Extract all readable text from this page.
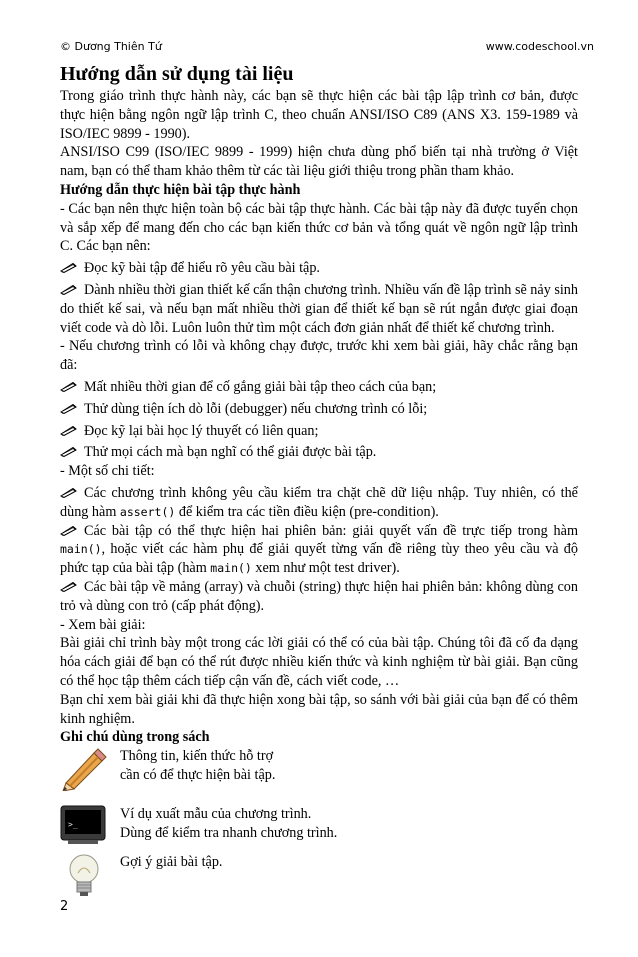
© Dương Thiên Tứ	www.codeschool.vn

Hướng dẫn sử dụng tài liệu

Trong giáo trình thực hành này, các bạn sẽ thực hiện các bài tập lập trình cơ bản, được thực hiện bằng ngôn ngữ lập trình C, theo chuẩn ANSI/ISO C89 (ANS X3. 159-1989 và ISO/IEC 9899 - 1990).

ANSI/ISO C99 (ISO/IEC 9899 - 1999) hiện chưa dùng phổ biến tại nhà trường ở Việt nam, bạn có thể tham khảo thêm từ các tài liệu giới thiệu trong phần tham khảo.

Hướng dẫn thực hiện bài tập thực hành

- Các bạn nên thực hiện toàn bộ các bài tập thực hành. Các bài tập này đã được tuyển chọn và sắp xếp để mang đến cho các bạn kiến thức cơ bản và tổng quát về ngôn ngữ lập trình C. Các bạn nên:

Đọc kỹ bài tập để hiểu rõ yêu cầu bài tập.

Dành nhiều thời gian thiết kế cẩn thận chương trình. Nhiều vấn đề lập trình sẽ nảy sinh do thiết kế sai, và nếu bạn mất nhiều thời gian để thiết kế bạn sẽ rút ngắn được giai đoạn viết code và dò lỗi. Luôn luôn thử tìm một cách đơn giản nhất để thiết kế chương trình.

- Nếu chương trình có lỗi và không chạy được, trước khi xem bài giải, hãy chắc rằng bạn đã:

Mất nhiều thời gian để cố gắng giải bài tập theo cách của bạn;

Thử dùng tiện ích dò lỗi (debugger) nếu chương trình có lỗi;

Đọc kỹ lại bài học lý thuyết có liên quan;

Thử mọi cách mà bạn nghĩ có thể giải được bài tập.

- Một số chi tiết:

Các chương trình không yêu cầu kiểm tra chặt chẽ dữ liệu nhập. Tuy nhiên, có thể dùng hàm assert() để kiểm tra các tiền điều kiện (pre-condition).

Các bài tập có thể thực hiện hai phiên bản: giải quyết vấn đề trực tiếp trong hàm main(), hoặc viết các hàm phụ để giải quyết từng vấn đề riêng tùy theo yêu cầu và độ phức tạp của bài tập (hàm main() xem như một test driver).

Các bài tập về mảng (array) và chuỗi (string) thực hiện hai phiên bản: không dùng con trỏ và dùng con trỏ (cấp phát động).

- Xem bài giải:

Bài giải chỉ trình bày một trong các lời giải có thể có của bài tập. Chúng tôi đã cố đa dạng hóa cách giải để bạn có thể rút được nhiều kiến thức và kinh nghiệm từ bài giải. Bạn cũng có thể học tập thêm cách tiếp cận vấn đề, cách viết code, …

Bạn chỉ xem bài giải khi đã thực hiện xong bài tập, so sánh với bài giải của bạn để có thêm kinh nghiệm.

Ghi chú dùng trong sách

Thông tin, kiến thức hỗ trợ
cần có để thực hiện bài tập.
>_
Ví dụ xuất mẫu của chương trình.
Dùng để kiểm tra nhanh chương trình.
Gợi ý giải bài tập.
2
